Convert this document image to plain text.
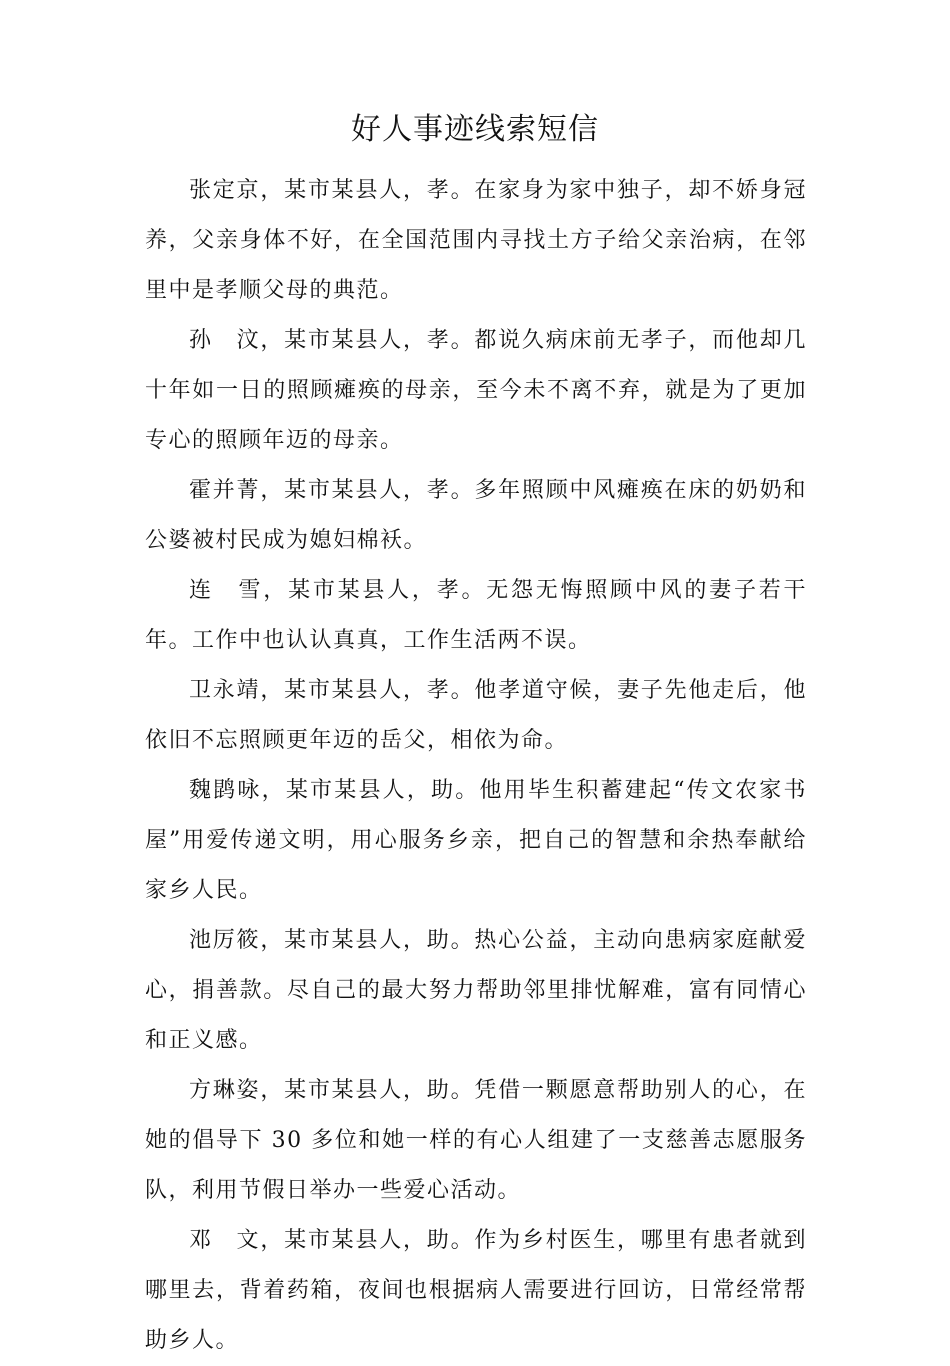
好人事迹线索短信

张定京，某市某县人，孝。在家身为家中独子，却不娇身冠养，父亲身体不好，在全国范围内寻找土方子给父亲治病，在邻里中是孝顺父母的典范。

孙　汶，某市某县人，孝。都说久病床前无孝子，而他却几十年如一日的照顾瘫痪的母亲，至今未不离不弃，就是为了更加专心的照顾年迈的母亲。

霍并菁，某市某县人，孝。多年照顾中风瘫痪在床的奶奶和公婆被村民成为媳妇棉袄。

连　雪，某市某县人，孝。无怨无悔照顾中风的妻子若干年。工作中也认认真真，工作生活两不误。

卫永靖，某市某县人，孝。他孝道守候，妻子先他走后，他依旧不忘照顾更年迈的岳父，相依为命。

魏鹍咏，某市某县人，助。他用毕生积蓄建起“传文农家书屋”用爱传递文明，用心服务乡亲，把自己的智慧和余热奉献给家乡人民。

池厉筱，某市某县人，助。热心公益，主动向患病家庭献爱心，捐善款。尽自己的最大努力帮助邻里排忧解难，富有同情心和正义感。

方琳姿，某市某县人，助。凭借一颗愿意帮助别人的心，在她的倡导下 30 多位和她一样的有心人组建了一支慈善志愿服务队，利用节假日举办一些爱心活动。

邓　文，某市某县人，助。作为乡村医生，哪里有患者就到哪里去，背着药箱，夜间也根据病人需要进行回访，日常经常帮助乡人。
